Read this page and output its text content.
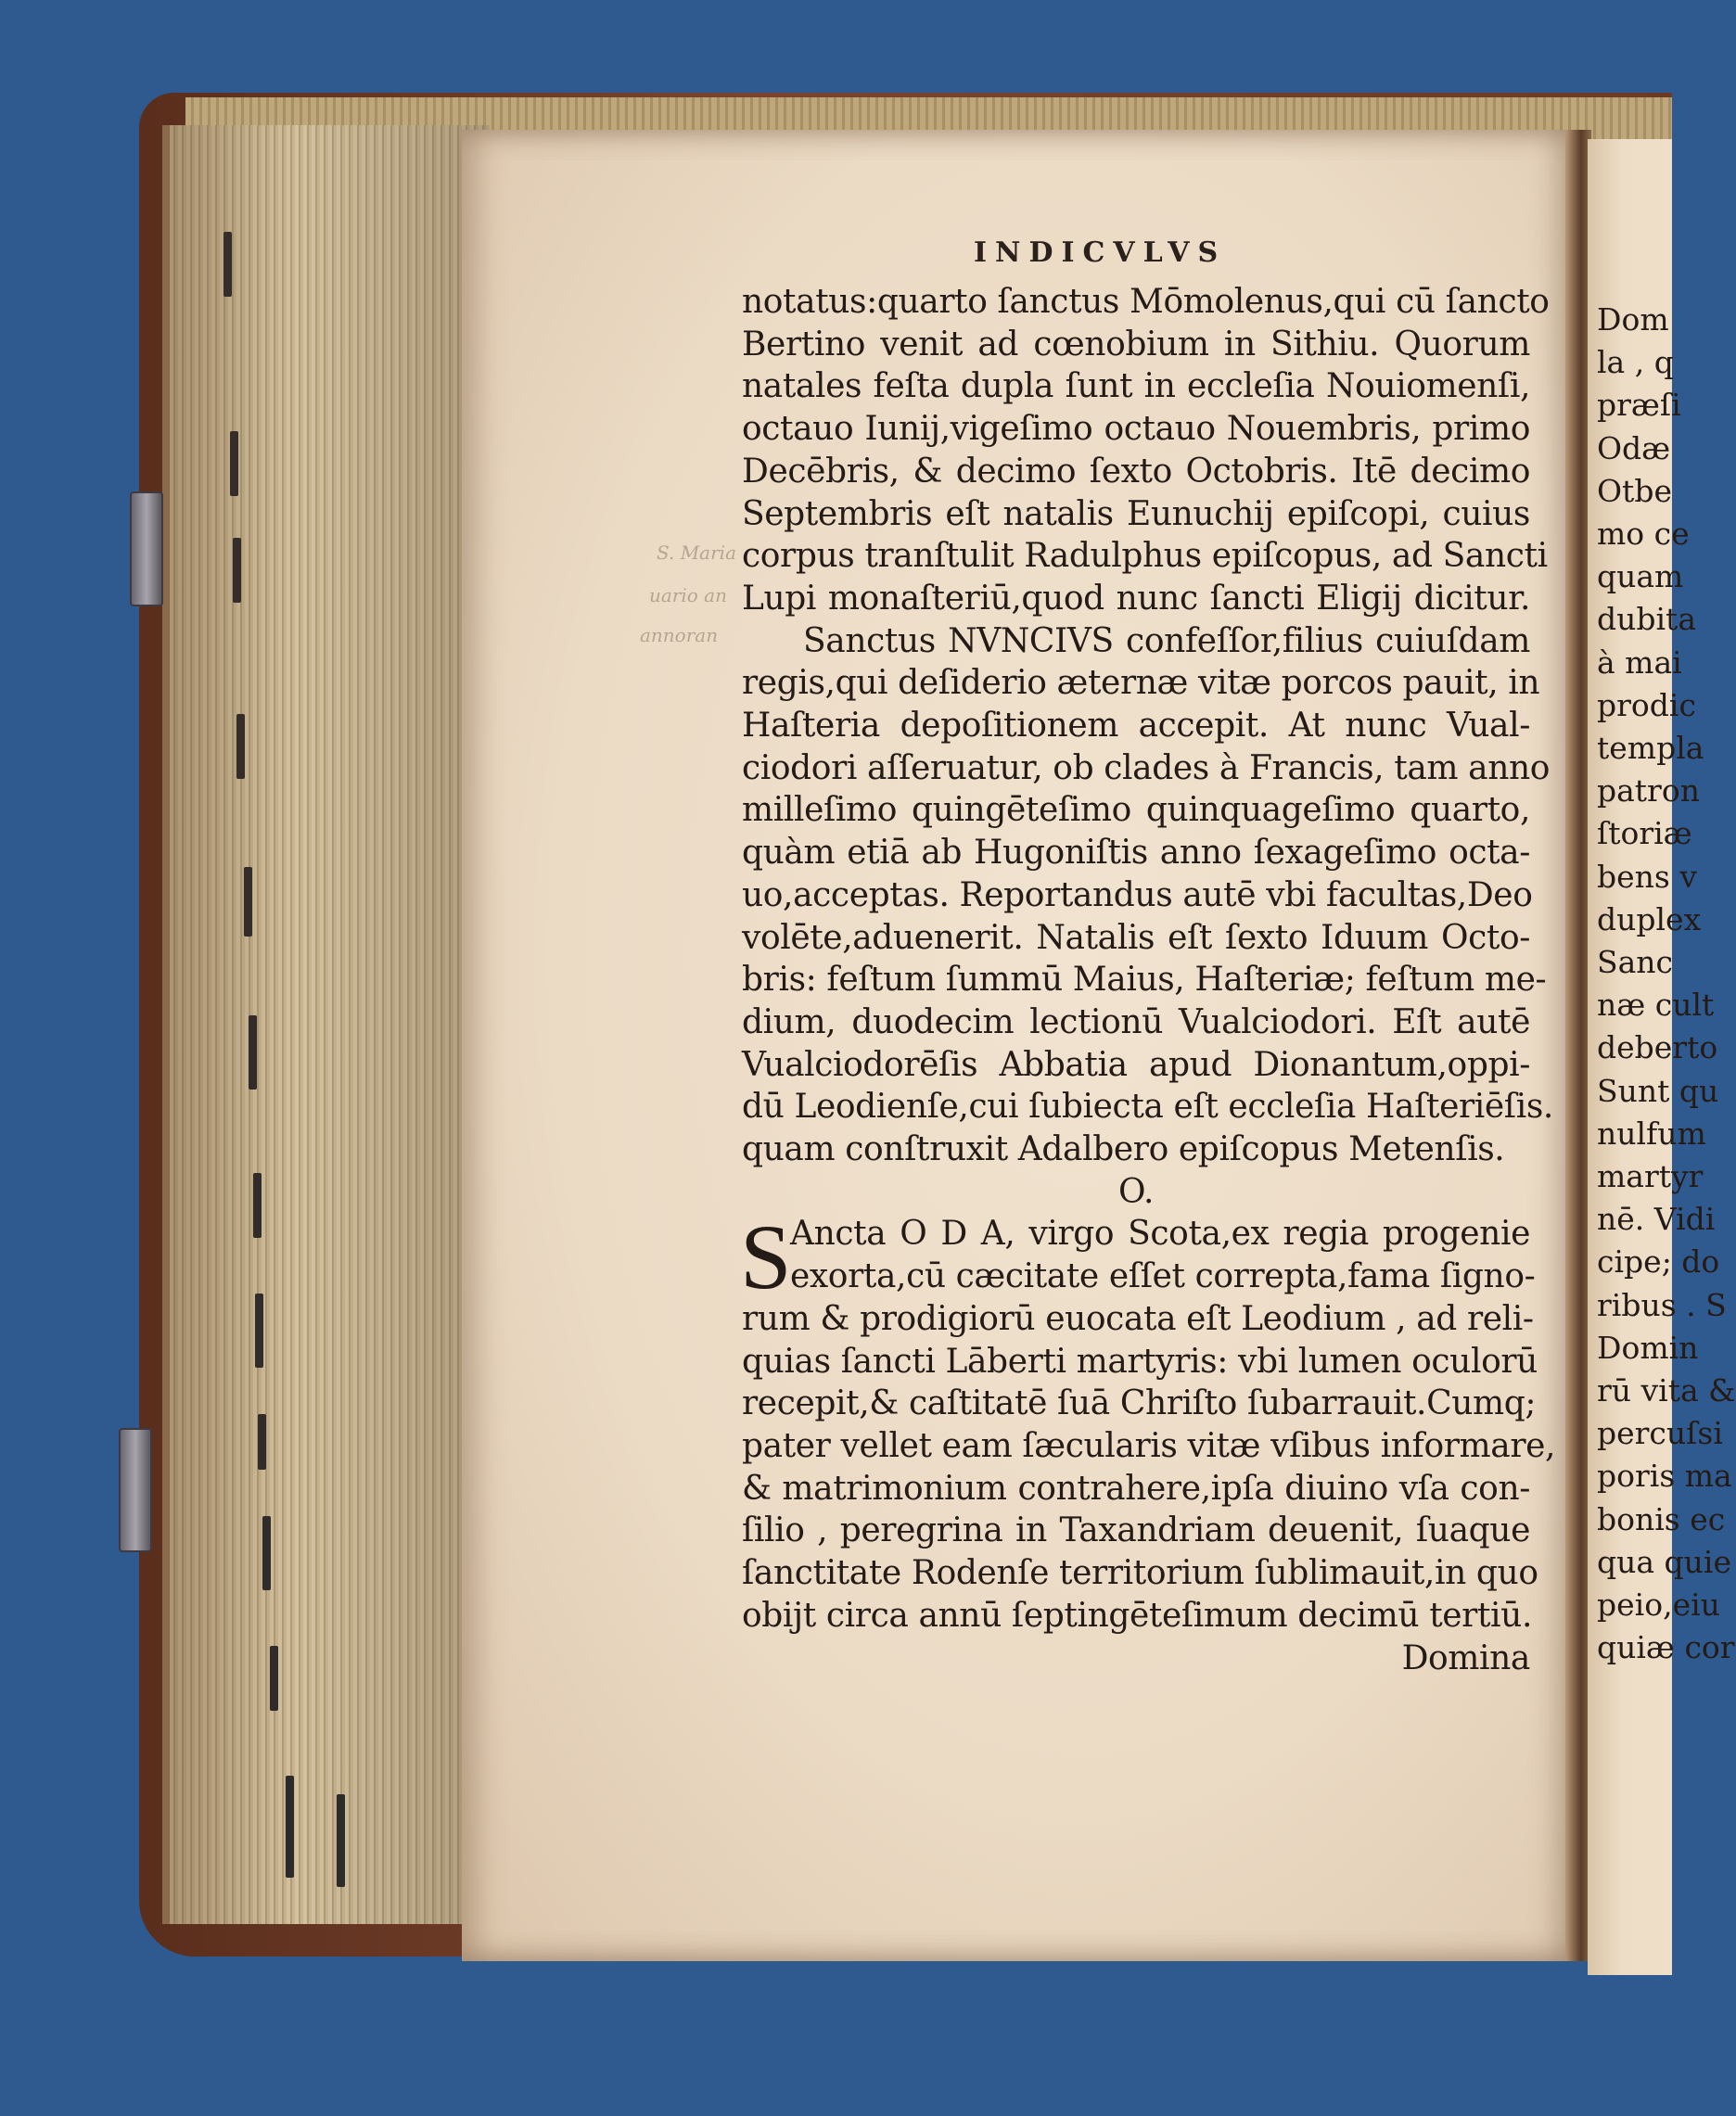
INDICVLVS
S. Maria
uario an
annoran
notatus:quarto ſanctus Mōmolenus,qui cū ſancto
Bertino venit ad cœnobium in Sithiu. Quorum
natales feſta dupla ſunt in eccleſia Nouiomenſi,
octauo Iunij,vigeſimo octauo Nouembris, primo
Decēbris, & decimo ſexto Octobris. Itē decimo
Septembris eſt natalis Eunuchij epiſcopi, cuius
corpus tranſtulit Radulphus epiſcopus, ad Sancti
Lupi monaſteriū,quod nunc ſancti Eligij dicitur.
Sanctus NVNCIVS confeſſor,filius cuiuſdam
regis,qui deſiderio æternæ vitæ porcos pauit, in
Haſteria depoſitionem accepit. At nunc Vual-
ciodori aſſeruatur, ob clades à Francis, tam anno
milleſimo quingēteſimo quinquageſimo quarto,
quàm etiā ab Hugoniſtis anno ſexageſimo octa-
uo,acceptas. Reportandus autē vbi facultas,Deo
volēte,aduenerit. Natalis eſt ſexto Iduum Octo-
bris: feſtum ſummū Maius, Haſteriæ; feſtum me-
dium, duodecim lectionū Vualciodori. Eſt autē
Vualciodorēſis Abbatia apud Dionantum,oppi-
dū Leodienſe,cui ſubiecta eſt eccleſia Haſteriēſis.
quam conſtruxit Adalbero epiſcopus Metenſis.
O.
S
Ancta O D A, virgo Scota,ex regia progenie
exorta,cū cæcitate eſſet correpta,fama ſigno-
rum & prodigiorū euocata eſt Leodium , ad reli-
quias ſancti Lāberti martyris: vbi lumen oculorū
recepit,& caſtitatē ſuā Chriſto ſubarrauit.Cumq;
pater vellet eam ſæcularis vitæ vſibus informare,
& matrimonium contrahere,ipſa diuino vſa con-
ſilio , peregrina in Taxandriam deuenit, ſuaque
ſanctitate Rodenſe territorium ſublimauit,in quo
obijt circa annū ſeptingēteſimum decimū tertiū.
Domina
Dom
la , q
præſi
Odæ
Otbe
mo ce
quam
dubita
à mai
prodic
templa
patron
ſtoriæ
bens v
duplex
Sanc
næ cult
deberto
Sunt qu
nulfum
martyr
nē. Vidi
cipe; do
ribus . S
Domin
rū vita &
percuſsi
poris ma
bonis ec
qua quie
peio,eiu
quiæ cor
